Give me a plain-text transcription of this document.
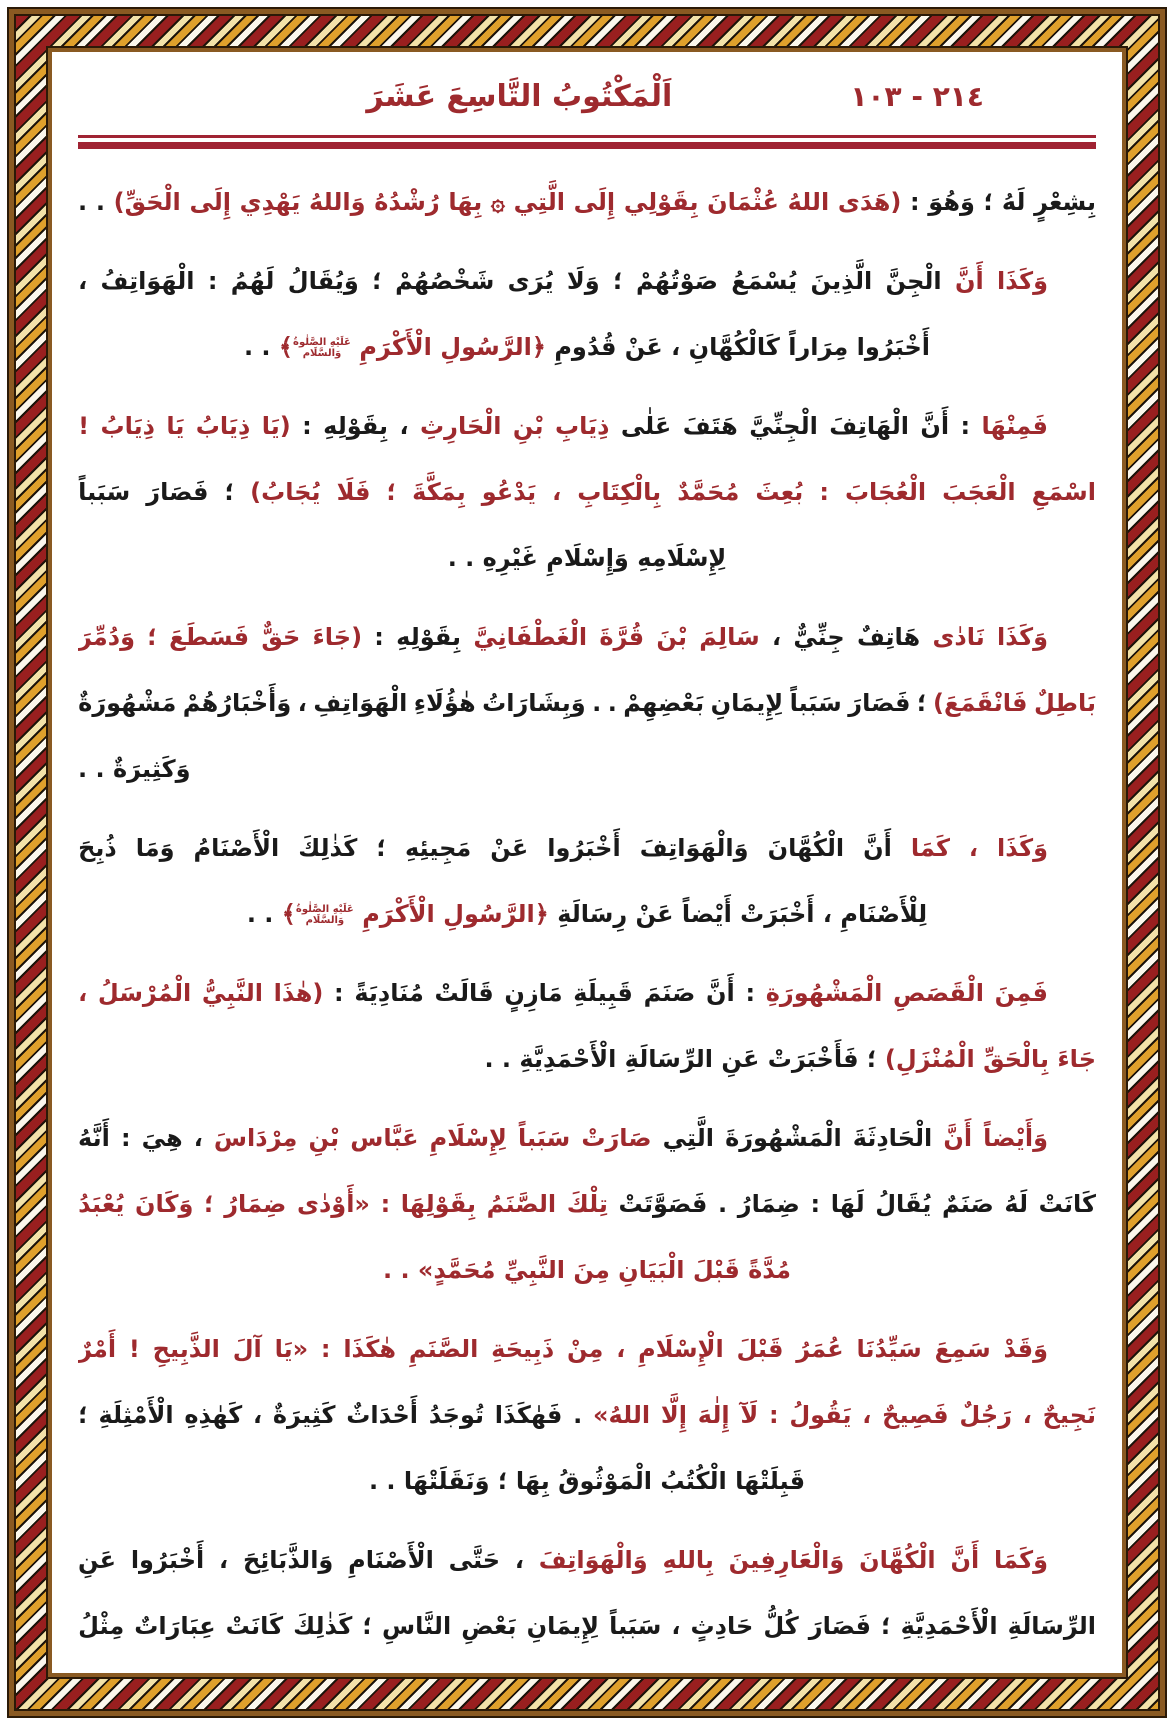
٢١٤ - ١٠٣
اَلْمَكْتُوبُ التَّاسِعَ عَشَرَ
بِشِعْرٍ
لَهُ
؛
وَهُوَ
:
(هَدَى
اللهُ
عُثْمَانَ
بِقَوْلِي
إِلَى
الَّتِي
۞
بِهَا
رُشْدُهُ
وَاللهُ
يَهْدِي
إِلَى
الْحَقِّ)
.
.
وَكَذَا
أَنَّ
الْجِنَّ
الَّذِينَ
يُسْمَعُ
صَوْتُهُمْ
؛
وَلَا
يُرَى
شَخْصُهُمْ
؛
وَيُقَالُ
لَهُمُ
:
الْهَوَاتِفُ
،
أَخْبَرُوا مِرَاراً كَالْكُهَّانِ ، عَنْ قُدُومِ ﴿الرَّسُولِ الْأَكْرَمِ عَلَيْهِ الصَّلٰوةُ وَالسَّلَام﴾ . .
فَمِنْهَا
:
أَنَّ
الْهَاتِفَ
الْجِنِّيَّ
هَتَفَ
عَلٰى
ذِيَابِ
بْنِ
الْحَارِثِ
،
بِقَوْلِهِ
:
(يَا
ذِيَابُ
يَا
ذِيَابُ
!
اسْمَعِ
الْعَجَبَ
الْعُجَابَ
:
بُعِثَ
مُحَمَّدٌ
بِالْكِتَابِ
،
يَدْعُو
بِمَكَّةَ
؛
فَلَا
يُجَابُ)
؛
فَصَارَ
سَبَباً
لِإِسْلَامِهِ وَإِسْلَامِ غَيْرِهِ . .
وَكَذَا
نَادٰى
هَاتِفٌ
جِنِّيٌّ
،
سَالِمَ
بْنَ
قُرَّةَ
الْغَطْفَانِيَّ
بِقَوْلِهِ
:
(جَاءَ
حَقٌّ
فَسَطَعَ
؛
وَدُمِّرَ
بَاطِلٌ
فَانْقَمَعَ)
؛
فَصَارَ
سَبَباً
لِإِيمَانِ
بَعْضِهِمْ
.
.
وَبِشَارَاتُ
هٰؤُلَاءِ
الْهَوَاتِفِ
،
وَأَخْبَارُهُمْ
مَشْهُورَةٌ
وَكَثِيرَةٌ . .
وَكَذَا
،
كَمَا
أَنَّ
الْكُهَّانَ
وَالْهَوَاتِفَ
أَخْبَرُوا
عَنْ
مَجِيئِهِ
؛
كَذٰلِكَ
الْأَصْنَامُ
وَمَا
ذُبِحَ
لِلْأَصْنَامِ ، أَخْبَرَتْ أَيْضاً عَنْ رِسَالَةِ ﴿الرَّسُولِ الْأَكْرَمِ عَلَيْهِ الصَّلٰوةُ وَالسَّلَام﴾ . .
فَمِنَ
الْقَصَصِ
الْمَشْهُورَةِ
:
أَنَّ
صَنَمَ
قَبِيلَةِ
مَازِنٍ
قَالَتْ
مُنَادِيَةً
:
(هٰذَا
النَّبِيُّ
الْمُرْسَلُ
،
جَاءَ بِالْحَقِّ الْمُنْزَلِ) ؛ فَأَخْبَرَتْ عَنِ الرِّسَالَةِ الْأَحْمَدِيَّةِ . .
وَأَيْضاً
أَنَّ
الْحَادِثَةَ
الْمَشْهُورَةَ
الَّتِي
صَارَتْ
سَبَباً
لِإِسْلَامِ
عَبَّاس
بْنِ
مِرْدَاسَ
،
هِيَ
:
أَنَّهُ
كَانَتْ
لَهُ
صَنَمٌ
يُقَالُ
لَهَا
:
ضِمَارُ
.
فَصَوَّتَتْ
تِلْكَ
الصَّنَمُ
بِقَوْلِهَا
:
«أَوْدٰى
ضِمَارُ
؛
وَكَانَ
يُعْبَدُ
مُدَّةً قَبْلَ الْبَيَانِ مِنَ النَّبِيِّ مُحَمَّدٍ» . .
وَقَدْ
سَمِعَ
سَيِّدُنَا
عُمَرُ
قَبْلَ
الْإِسْلَامِ
،
مِنْ
ذَبِيحَةِ
الصَّنَمِ
هٰكَذَا
:
«يَا
آلَ
الذَّبِيحِ
!
أَمْرٌ
نَجِيحٌ
،
رَجُلٌ
فَصِيحٌ
،
يَقُولُ
:
لَآ
إِلٰهَ
إِلَّا
اللهُ»
.
فَهٰكَذَا
تُوجَدُ
أَحْدَاثٌ
كَثِيرَةٌ
،
كَهٰذِهِ
الْأَمْثِلَةِ
؛
قَبِلَتْهَا الْكُتُبُ الْمَوْثُوقُ بِهَا ؛ وَنَقَلَتْهَا . .
وَكَمَا
أَنَّ
الْكُهَّانَ
وَالْعَارِفِينَ
بِاللهِ
وَالْهَوَاتِفَ
،
حَتَّى
الْأَصْنَامِ
وَالذَّبَائِحَ
،
أَخْبَرُوا
عَنِ
الرِّسَالَةِ
الْأَحْمَدِيَّةِ
؛
فَصَارَ
كُلُّ
حَادِثٍ
،
سَبَباً
لِإِيمَانِ
بَعْضِ
النَّاسِ
؛
كَذٰلِكَ
كَانَتْ
عِبَارَاتٌ
مِثْلُ
